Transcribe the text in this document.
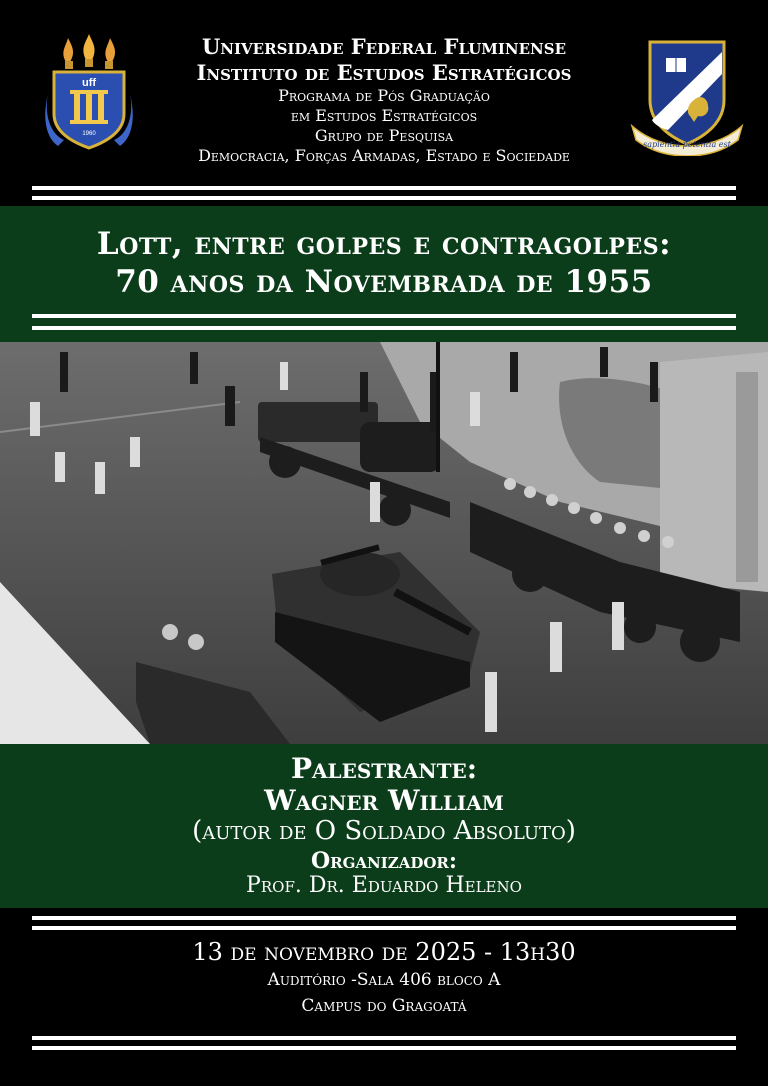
uff
1960
Universidade Federal Fluminense
Instituto de Estudos Estratégicos
Programa de Pós Graduação
em Estudos Estratégicos
Grupo de Pesquisa
Democracia, Forças Armadas, Estado e Sociedade
sapientia potentia est
Lott, entre golpes e contragolpes:
70 anos da Novembrada de 1955
Palestrante:
Wagner William
(autor de O Soldado Absoluto)
Organizador:
Prof. Dr. Eduardo Heleno
13 de novembro de 2025 - 13h30
Auditório -Sala 406 bloco A
Campus do Gragoatá
